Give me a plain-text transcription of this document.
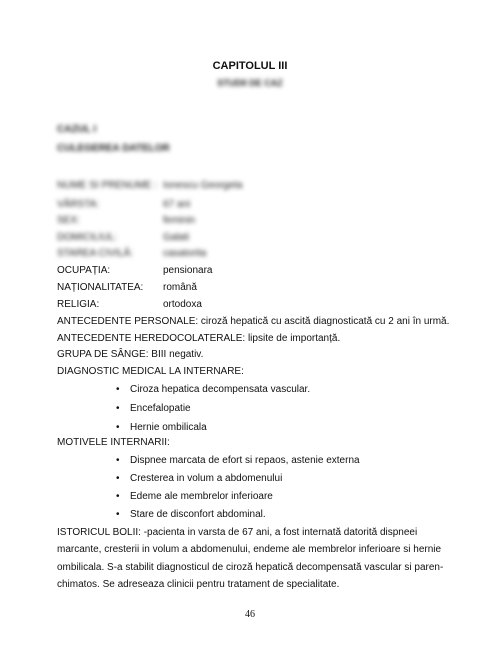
CAPITOLUL III
STUDII DE CAZ
CAZUL I
CULEGEREA DATELOR
NUME SI PRENUME : Ionescu Georgeta
VÂRSTA:	67 ani
SEX:	feminin
DOMICILIUL:	Galati
STAREA CIVILĂ:	casatorita
OCUPAȚIA:	pensionara
NAȚIONALITATEA: română
RELIGIA:	ortodoxa
ANTECEDENTE PERSONALE: ciroză hepatică cu ascită diagnosticată cu 2 ani în urmă.
ANTECEDENTE HEREDOCOLATERALE: lipsite de importanță.
GRUPA DE SÂNGE: BIII negativ.
DIAGNOSTIC MEDICAL LA INTERNARE:
• Ciroza hepatica decompensata vascular.
• Encefalopatie
• Hernie ombilicala
MOTIVELE INTERNARII:
• Dispnee marcata de efort si repaos, astenie externa
• Cresterea in volum a abdomenului
• Edeme ale membrelor inferioare
• Stare de disconfort abdominal.
ISTORICUL BOLII: -pacienta in varsta de 67 ani, a fost internată datorită dispneei
marcante, cresterii in volum a abdomenului, endeme ale membrelor inferioare si hernie
ombilicala. S-a stabilit diagnosticul de ciroză hepatică decompensată vascular si paren-
chimatos. Se adreseaza clinicii pentru tratament de specialitate.
46
